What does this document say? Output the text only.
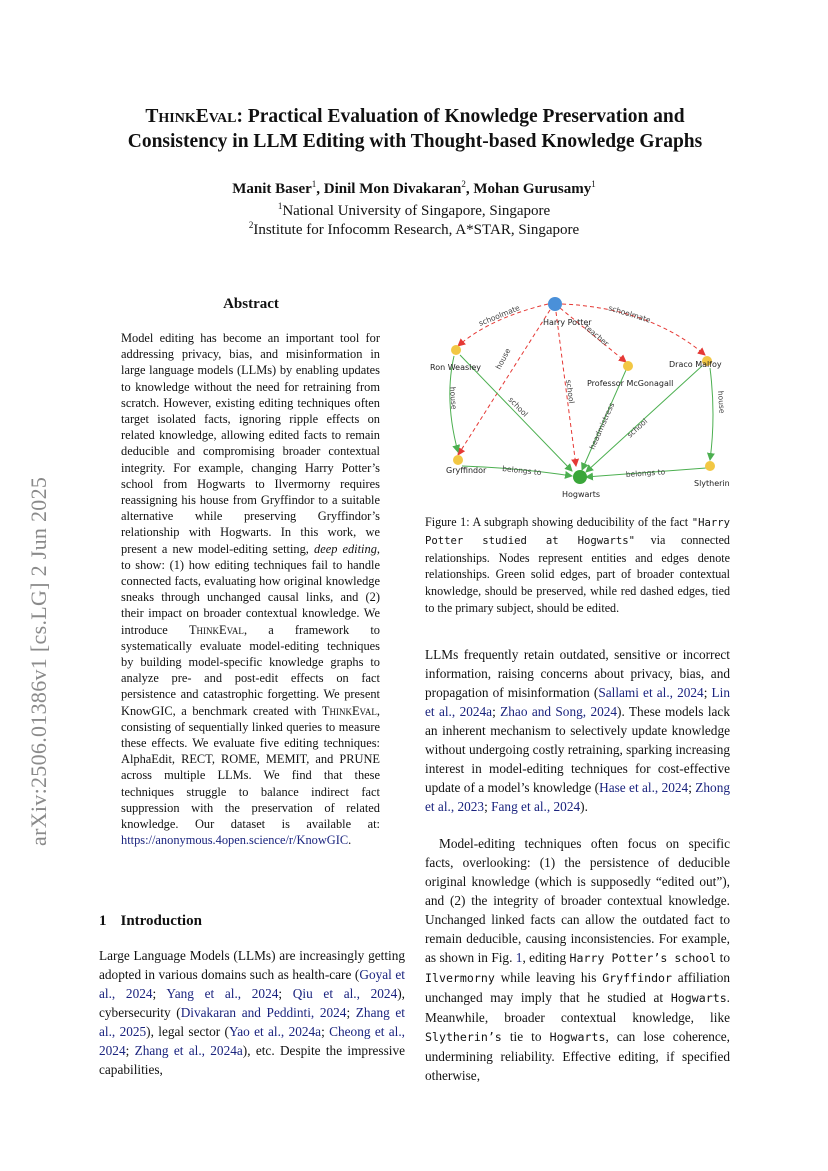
arXiv:2506.01386v1 [cs.LG] 2 Jun 2025
ThinkEval: Practical Evaluation of Knowledge Preservation and
Consistency in LLM Editing with Thought-based Knowledge Graphs
Manit Baser$^1$, Dinil Mon Divakaran$^2$, Mohan Gurusamy$^1$
$^1$National University of Singapore, Singapore
$^2$Institute for Infocomm Research, A*STAR, Singapore
Abstract
Model editing has become an important tool for addressing privacy, bias, and misinformation in large language models (LLMs) by enabling updates to knowledge without the need for retraining from scratch. However, existing editing techniques often target isolated facts, ignoring ripple effects on related knowledge, allowing edited facts to remain deducible and compromising broader contextual integrity. For example, changing Harry Potter’s school from Hogwarts to Ilvermorny requires reassigning his house from Gryffindor to a suitable alternative while preserving Gryffindor’s relationship with Hogwarts. In this work, we present a new model-editing setting, deep editing, to show: (1) how editing techniques fail to handle connected facts, evaluating how original knowledge sneaks through unchanged causal links, and (2) their impact on broader contextual knowledge. We introduce ThinkEval, a framework to systematically evaluate model-editing techniques by building model-specific knowledge graphs to analyze pre- and post-edit effects on fact persistence and catastrophic forgetting. We present KnowGIC, a benchmark created with ThinkEval, consisting of sequentially linked queries to measure these effects. We evaluate five editing techniques: AlphaEdit, RECT, ROME, MEMIT, and PRUNE across multiple LLMs. We find that these techniques struggle to balance indirect fact suppression with the preservation of related knowledge. Our dataset is available at: https://anonymous.4open.science/r/KnowGIC.
1 Introduction
Large Language Models (LLMs) are increasingly getting adopted in various domains such as health-care (Goyal et al., 2024; Yang et al., 2024; Qiu et al., 2024), cybersecurity (Divakaran and Peddinti, 2024; Zhang et al., 2025), legal sector (Yao et al., 2024a; Cheong et al., 2024; Zhang et al., 2024a), etc. Despite the impressive capabilities,
Harry Potter
Ron Weasley
Professor McGonagall
Draco Malfoy
Gryffindor
Slytherin
Hogwarts
schoolmate	schoolmate
teacher
house
school
school
house
headmistress school
house
belongs to	belongs to
Figure 1: A subgraph showing deducibility of the fact "Harry Potter studied at Hogwarts" via connected relationships. Nodes represent entities and edges denote relationships. Green solid edges, part of broader contextual knowledge, should be preserved, while red dashed edges, tied to the primary subject, should be edited.
LLMs frequently retain outdated, sensitive or incorrect information, raising concerns about privacy, bias, and propagation of misinformation (Sallami et al., 2024; Lin et al., 2024a; Zhao and Song, 2024). These models lack an inherent mechanism to selectively update knowledge without undergoing costly retraining, sparking increasing interest in model-editing techniques for cost-effective update of a model’s knowledge (Hase et al., 2024; Zhong et al., 2023; Fang et al., 2024).
Model-editing techniques often focus on specific facts, overlooking: (1) the persistence of deducible original knowledge (which is supposedly “edited out”), and (2) the integrity of broader contextual knowledge. Unchanged linked facts can allow the outdated fact to remain deducible, causing inconsistencies. For example, as shown in Fig. 1, editing Harry Potter’s school to Ilvermorny while leaving his Gryffindor affiliation unchanged may imply that he studied at Hogwarts. Meanwhile, broader contextual knowledge, like Slytherin’s tie to Hogwarts, can lose coherence, undermining reliability. Effective editing, if specified otherwise,
